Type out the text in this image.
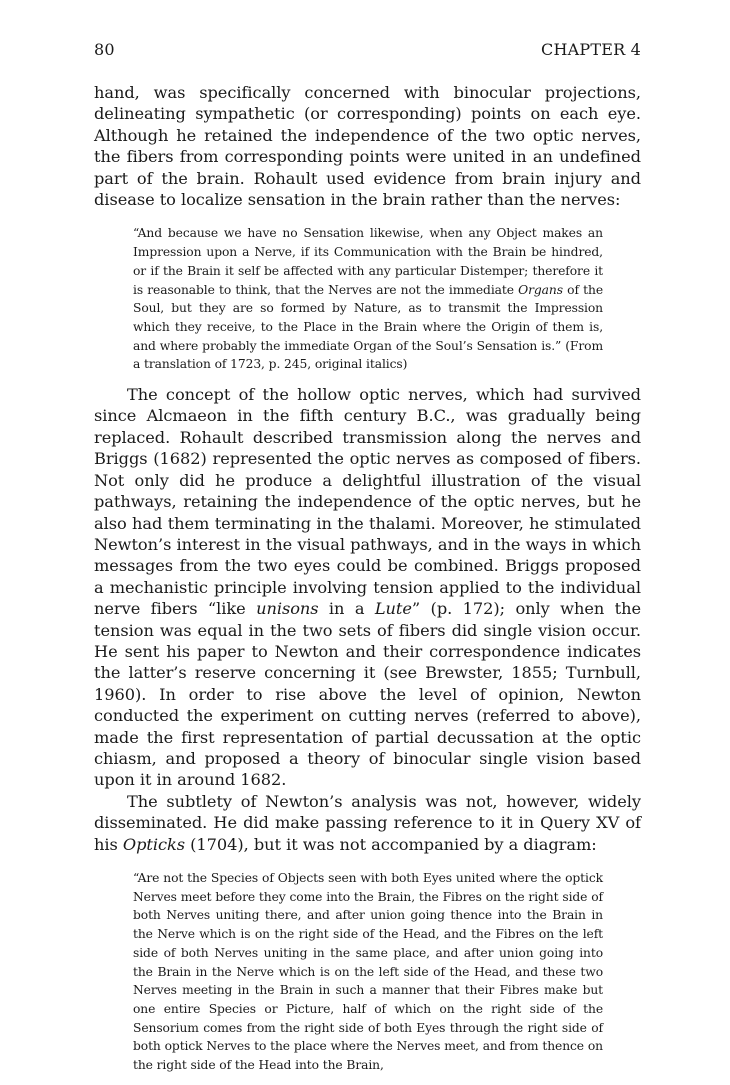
80	CHAPTER 4

hand, was specifically concerned with binocular projections, delineating sympathetic (or corresponding) points on each eye. Although he retained the independence of the two optic nerves, the fibers from corresponding points were united in an undefined part of the brain. Rohault used evidence from brain injury and disease to localize sensation in the brain rather than the nerves:

“And because we have no Sensation likewise, when any Object makes an Impression upon a Nerve, if its Communication with the Brain be hindred, or if the Brain it self be affected with any particular Distemper; therefore it is reasonable to think, that the Nerves are not the immediate Organs of the Soul, but they are so formed by Nature, as to transmit the Impression which they receive, to the Place in the Brain where the Origin of them is, and where probably the immediate Organ of the Soul’s Sensation is.” (From a translation of 1723, p. 245, original italics)

The concept of the hollow optic nerves, which had survived since Alcmaeon in the fifth century B.C., was gradually being replaced. Rohault described transmission along the nerves and Briggs (1682) represented the optic nerves as composed of fibers. Not only did he produce a delightful illustration of the visual pathways, retaining the independence of the optic nerves, but he also had them terminating in the thalami. Moreover, he stimulated Newton’s interest in the visual pathways, and in the ways in which messages from the two eyes could be combined. Briggs proposed a mechanistic principle involving tension applied to the individual nerve fibers “like unisons in a Lute” (p. 172); only when the tension was equal in the two sets of fibers did single vision occur. He sent his paper to Newton and their correspondence indicates the latter’s reserve concerning it (see Brewster, 1855; Turnbull, 1960). In order to rise above the level of opinion, Newton conducted the experiment on cutting nerves (referred to above), made the first representation of partial decussation at the optic chiasm, and proposed a theory of binocular single vision based upon it in around 1682.

The subtlety of Newton’s analysis was not, however, widely disseminated. He did make passing reference to it in Query XV of his Opticks (1704), but it was not accompanied by a diagram:

“Are not the Species of Objects seen with both Eyes united where the optick Nerves meet before they come into the Brain, the Fibres on the right side of both Nerves uniting there, and after union going thence into the Brain in the Nerve which is on the right side of the Head, and the Fibres on the left side of both Nerves uniting in the same place, and after union going into the Brain in the Nerve which is on the left side of the Head, and these two Nerves meeting in the Brain in such a manner that their Fibres make but one entire Species or Picture, half of which on the right side of the Sensorium comes from the right side of both Eyes through the right side of both optick Nerves to the place where the Nerves meet, and from thence on the right side of the Head into the Brain,
